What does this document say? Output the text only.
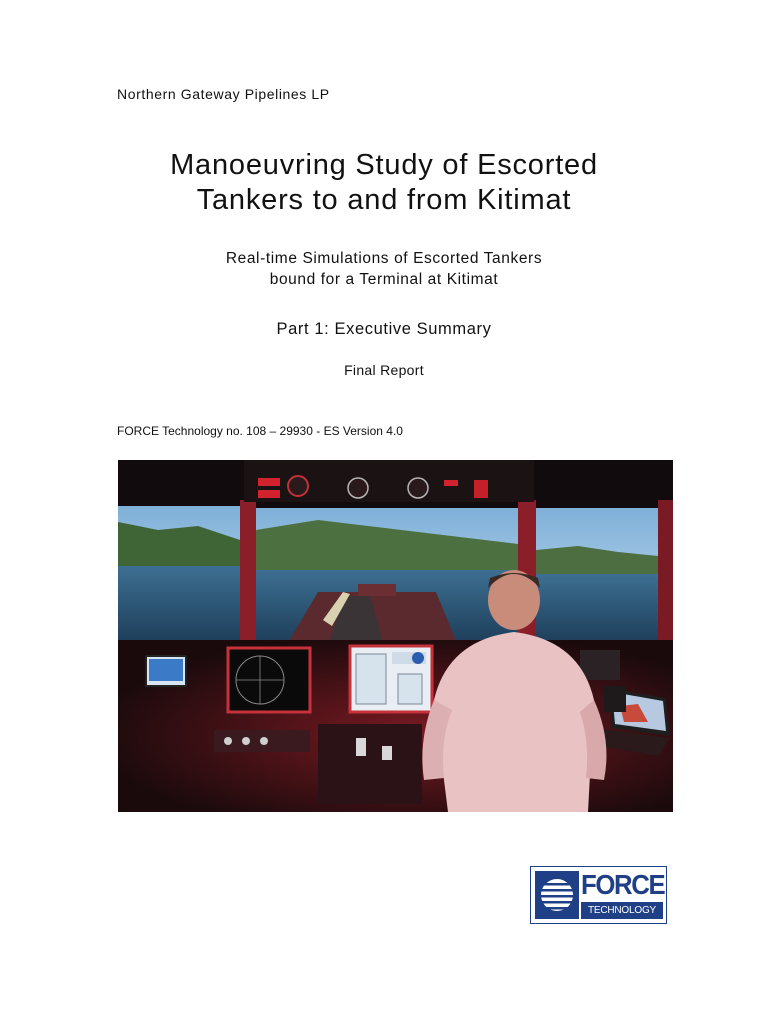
Northern Gateway Pipelines LP
Manoeuvring Study of Escorted
Tankers to and from Kitimat
Real-time Simulations of Escorted Tankers
bound for a Terminal at Kitimat
Part 1: Executive Summary
Final Report
FORCE Technology no. 108 – 29930 - ES Version 4.0
FORCE
TECHNOLOGY
